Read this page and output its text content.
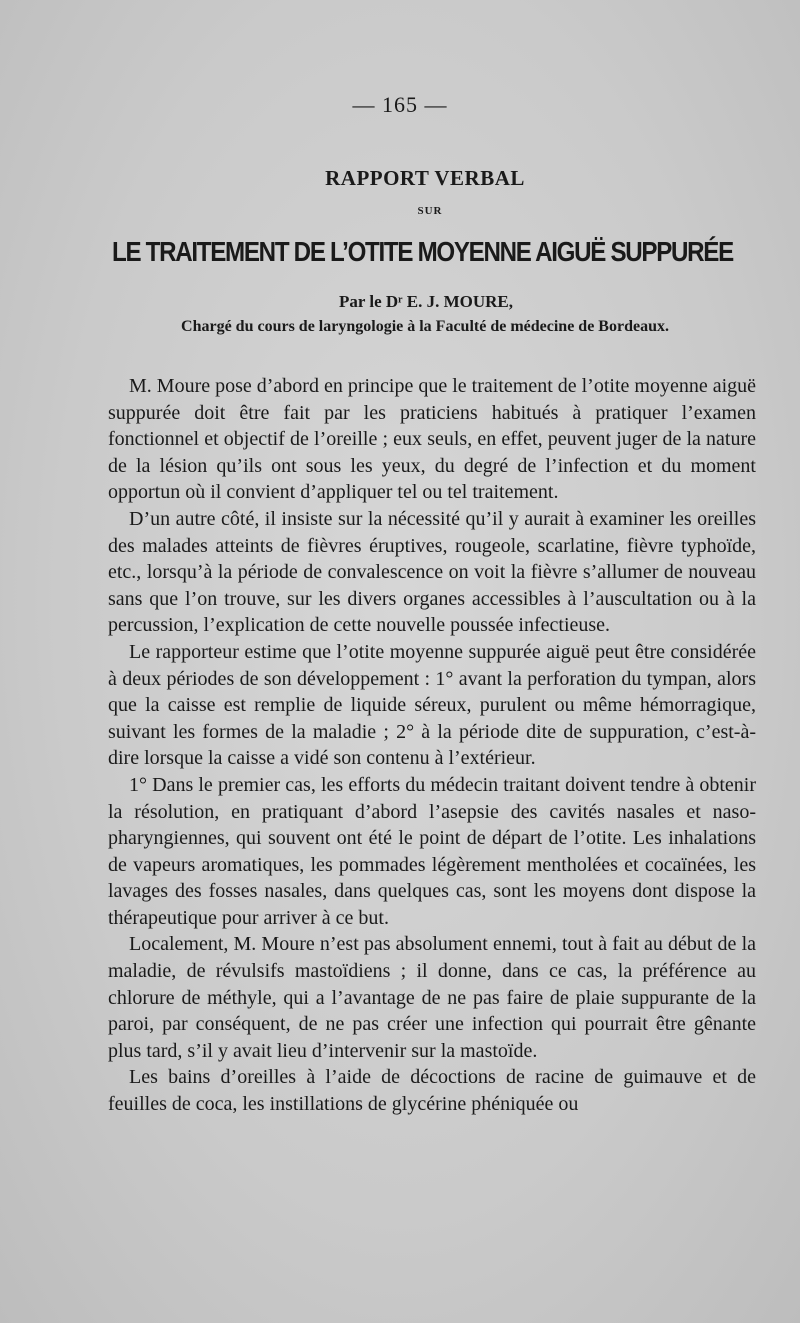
— 165 —
RAPPORT VERBAL
SUR
LE TRAITEMENT DE L’OTITE MOYENNE AIGUË SUPPURÉE
Par le Dʳ E. J. MOURE,
Chargé du cours de laryngologie à la Faculté de médecine de Bordeaux.

M. Moure pose d’abord en principe que le traitement de l’otite moyenne aiguë suppurée doit être fait par les praticiens habitués à pratiquer l’examen fonctionnel et objectif de l’oreille ; eux seuls, en effet, peuvent juger de la nature de la lésion qu’ils ont sous les yeux, du degré de l’infection et du moment opportun où il convient d’appliquer tel ou tel traitement.

D’un autre côté, il insiste sur la nécessité qu’il y aurait à examiner les oreilles des malades atteints de fièvres éruptives, rougeole, scarlatine, fièvre typhoïde, etc., lorsqu’à la période de convalescence on voit la fièvre s’allumer de nouveau sans que l’on trouve, sur les divers organes accessibles à l’auscultation ou à la percussion, l’explication de cette nouvelle poussée infectieuse.

Le rapporteur estime que l’otite moyenne suppurée aiguë peut être considérée à deux périodes de son développement : 1° avant la perforation du tympan, alors que la caisse est remplie de liquide séreux, purulent ou même hémorragique, suivant les formes de la maladie ; 2° à la période dite de suppuration, c’est-à-dire lorsque la caisse a vidé son contenu à l’extérieur.

1° Dans le premier cas, les efforts du médecin traitant doivent tendre à obtenir la résolution, en pratiquant d’abord l’asepsie des cavités nasales et naso-pharyngiennes, qui souvent ont été le point de départ de l’otite. Les inhalations de vapeurs aromatiques, les pommades légèrement mentholées et cocaïnées, les lavages des fosses nasales, dans quelques cas, sont les moyens dont dispose la thérapeutique pour arriver à ce but.

Localement, M. Moure n’est pas absolument ennemi, tout à fait au début de la maladie, de révulsifs mastoïdiens ; il donne, dans ce cas, la préférence au chlorure de méthyle, qui a l’avantage de ne pas faire de plaie suppurante de la paroi, par conséquent, de ne pas créer une infection qui pourrait être gênante plus tard, s’il y avait lieu d’intervenir sur la mastoïde.

Les bains d’oreilles à l’aide de décoctions de racine de guimauve et de feuilles de coca, les instillations de glycérine phéniquée ou
